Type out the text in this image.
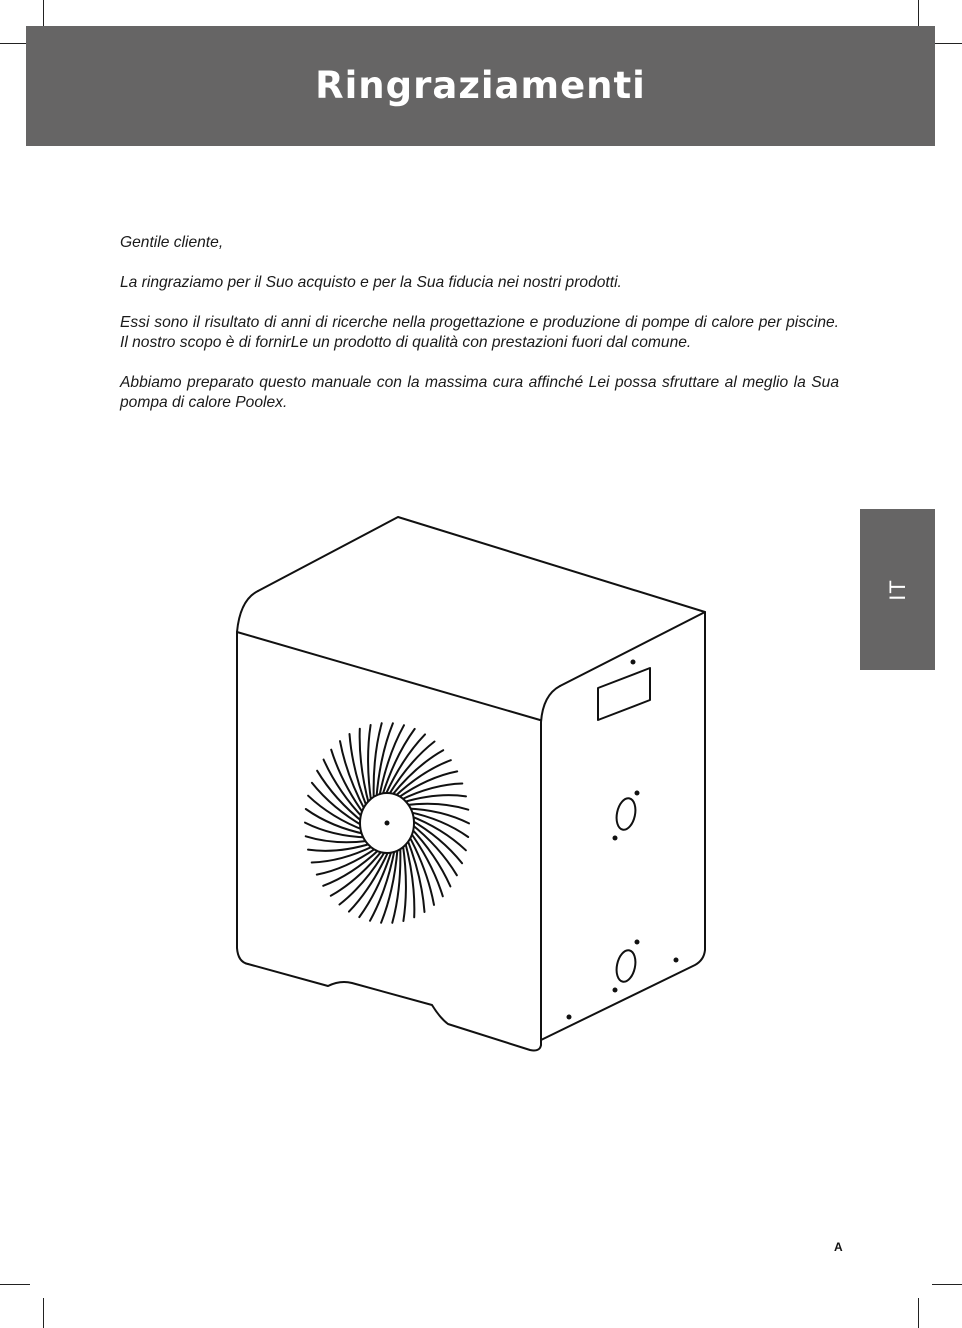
Ringraziamenti

Gentile cliente,

La ringraziamo per il Suo acquisto e per la Sua fiducia nei nostri prodotti.

Essi sono il risultato di anni di ricerche nella progettazione e produzione di pompe di calore per piscine. Il nostro scopo è di fornirLe un prodotto di qualità con prestazioni fuori dal comune.

Abbiamo preparato questo manuale con la massima cura affinché Lei possa sfruttare al meglio la Sua pompa di calore Poolex.

IT
A
